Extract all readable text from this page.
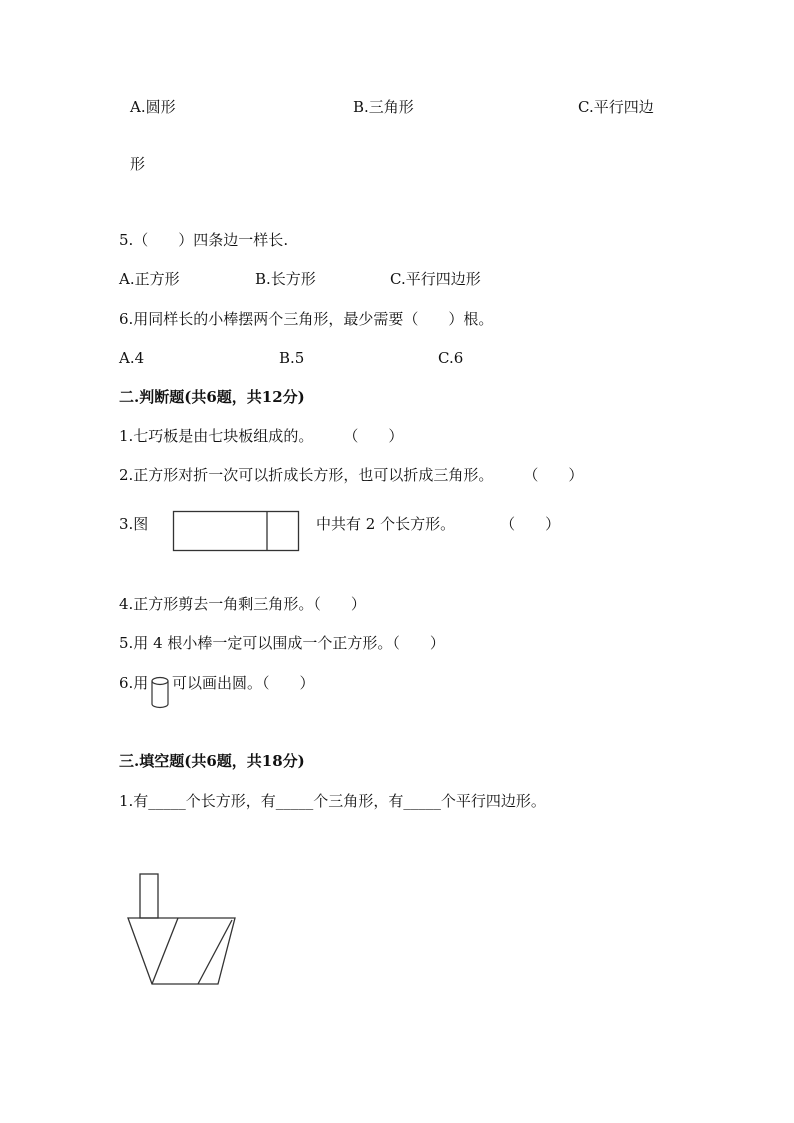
A.圆形	B.三角形	C.平行四边
形
5.（　　）四条边一样长.
A.正方形	B.长方形	C.平行四边形
6.用同样长的小棒摆两个三角形，最少需要（　　）根。
A.4	B.5	C.6
二.判断题(共6题，共12分)
1.七巧板是由七块板组成的。　　　（　　）
2.正方形对折一次可以折成长方形，也可以折成三角形。　　　（　　）
3.图	中共有 2 个长方形。　　　　（　　）
4.正方形剪去一角剩三角形。（　　）
5.用 4 根小棒一定可以围成一个正方形。（　　）
6.用 可以画出圆。（　　）
三.填空题(共6题，共18分)
1.有_____个长方形，有_____个三角形，有_____个平行四边形。
